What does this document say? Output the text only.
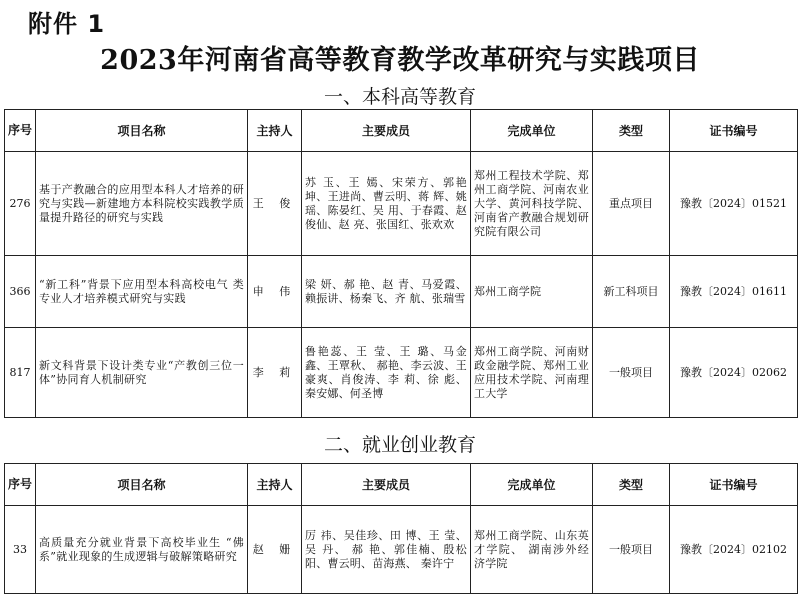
附件 1
2023年河南省高等教育教学改革研究与实践项目
一、本科高等教育
序号	项目名称	主持人	主要成员	完成单位	类型	证书编号
276	基于产教融合的应用型本科人才培养的研究与实践—新建地方本科院校实践教学质量提升路径的研究与实践	王 俊	苏 玉、王 嫣、宋荣方、郭艳坤、王进尚、曹云明、蒋 辉、姚 瑶、陈晏红、吴 用、于春霞、赵俊仙、赵 亮、张国红、张欢欢	郑州工程技术学院、郑州工商学院、河南农业大学、黄河科技学院、河南省产教融合规划研究院有限公司	重点项目	豫教〔2024〕01521
366	“新工科”背景下应用型本科高校电气 类专业人才培养模式研究与实践	申 伟	梁 妍、郝 艳、赵 青、马爱霞、赖振讲、杨秦飞、齐 航、张瑞雪	郑州工商学院	新工科项目	豫教〔2024〕01611
817	新文科背景下设计类专业“产教创三位一体”协同育人机制研究	李 莉	鲁艳蕊、王 莹、王 璐、马金鑫、王覃秋、 郝艳、李云波、王豪爽、肖俊涛、李 莉、徐 彪、秦安娜、何圣博	郑州工商学院、河南财政金融学院、郑州工业应用技术学院、河南理工大学	一般项目	豫教〔2024〕02062
二、就业创业教育
序号	项目名称	主持人	主要成员	完成单位	类型	证书编号
33	高质量充分就业背景下高校毕业生 “佛 系”就业现象的生成逻辑与破解策略研究	赵 姗	厉 祎、吴佳珍、田 博、王 莹、吴 丹、 郝 艳、郭佳楠、殷松阳、曹云明、苗海燕、 秦许宁	郑州工商学院、山东英才学院、 湖南涉外经济学院	一般项目	豫教〔2024〕02102
